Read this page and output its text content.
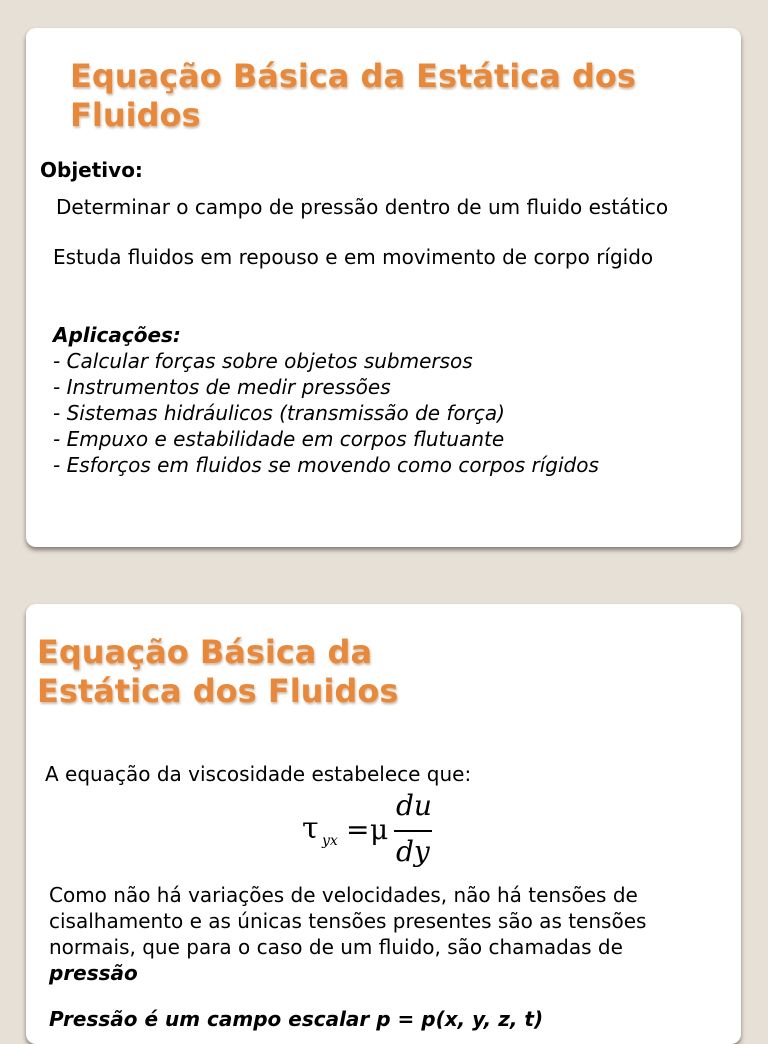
Equação Básica da Estática dos
Fluidos

Objetivo:

Determinar o campo de pressão dentro de um fluido estático

Estuda fluidos em repouso e em movimento de corpo rígido

Aplicações:
- Calcular forças sobre objetos submersos
- Instrumentos de medir pressões
- Sistemas hidráulicos (transmissão de força)
- Empuxo e estabilidade em corpos flutuante
- Esforços em fluidos se movendo como corpos rígidos
Equação Básica da
Estática dos Fluidos

A equação da viscosidade estabelece que:

τ yx = μ
du
dy

Como não há variações de velocidades, não há tensões de cisalhamento e as únicas tensões presentes são as tensões normais, que para o caso de um fluido, são chamadas de
pressão

Pressão é um campo escalar p = p(x, y, z, t)
